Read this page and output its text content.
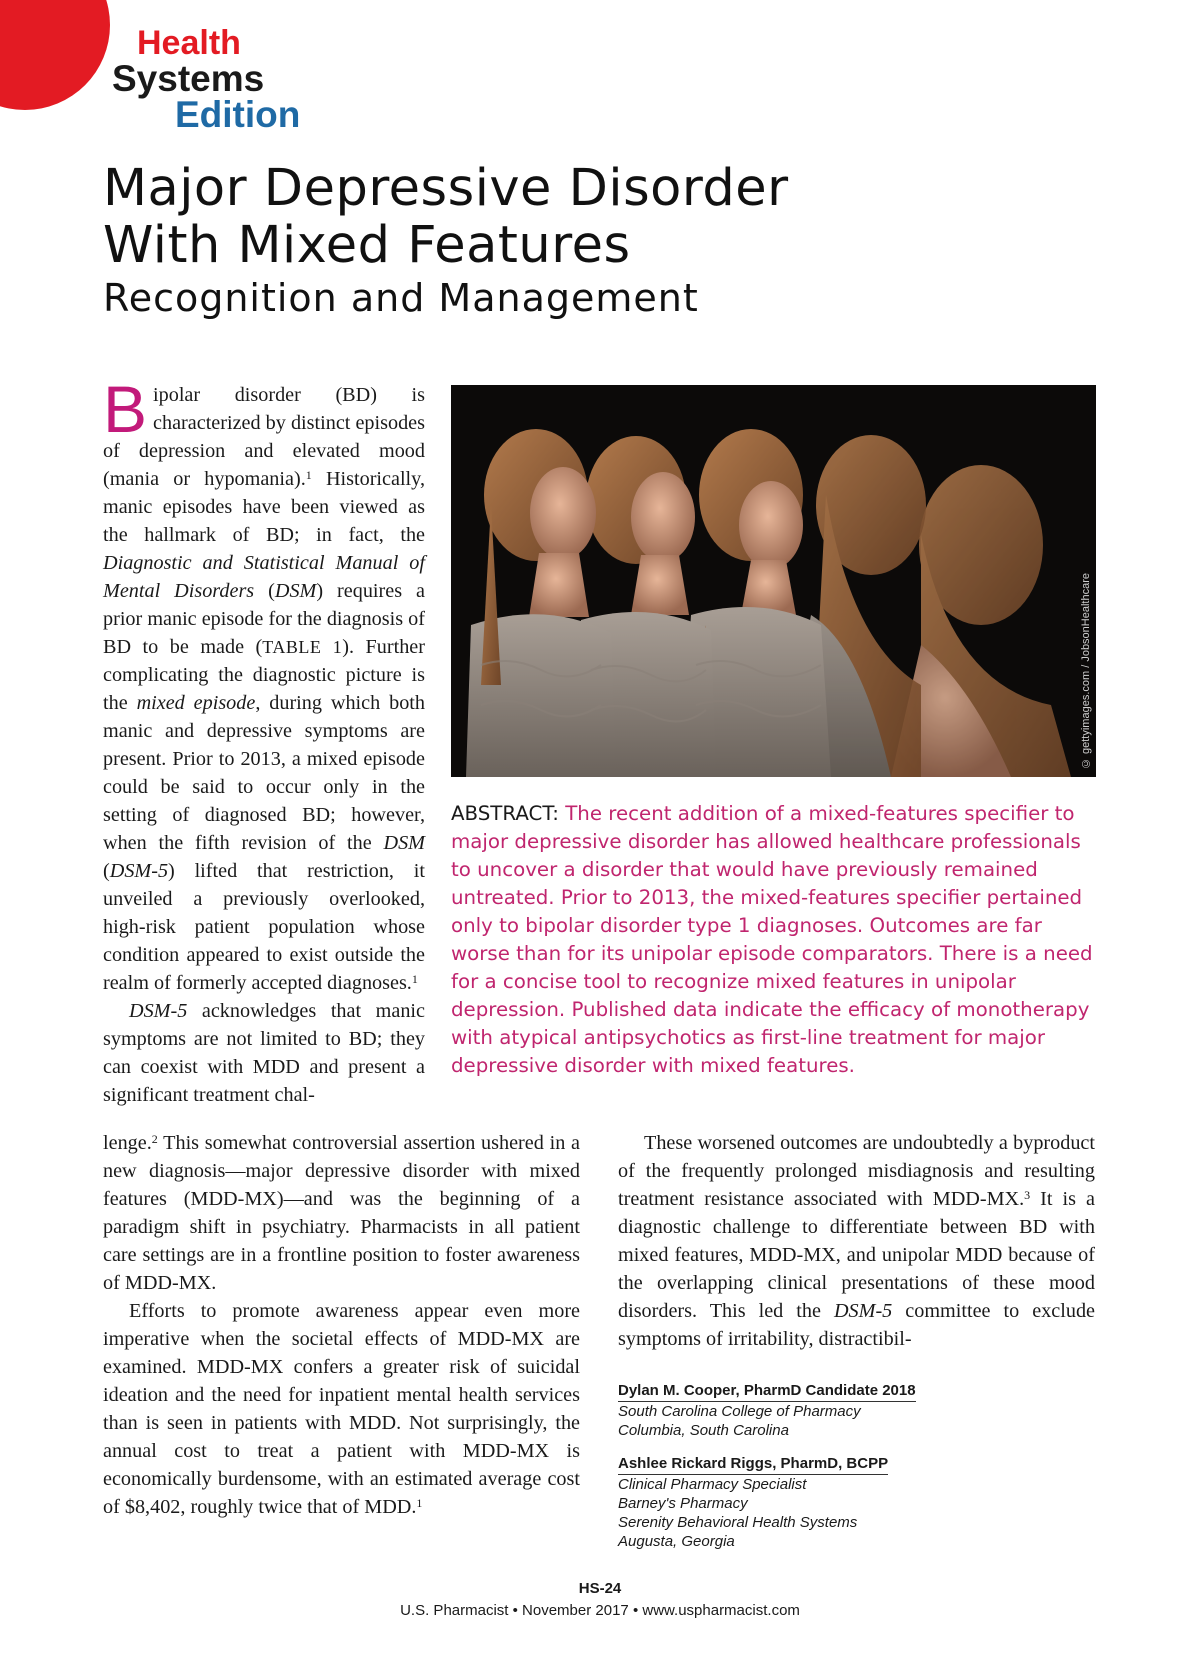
Health
Systems
Edition
Major Depressive Disorder
With Mixed Features
Recognition and Management

Bipolar disorder (BD) is characterized by distinct episodes of depression and elevated mood (mania or hypomania).$^1$ Historically, manic episodes have been viewed as the hallmark of BD; in fact, the Diagnostic and Statistical Manual of Mental Disorders (DSM) requires a prior manic episode for the diagnosis of BD to be made (TABLE 1). Further complicating the diagnostic picture is the mixed episode, during which both manic and depressive symptoms are present. Prior to 2013, a mixed episode could be said to occur only in the setting of diagnosed BD; however, when the fifth revision of the DSM (DSM-5) lifted that restriction, it unveiled a previously overlooked, high-risk patient population whose condition appeared to exist outside the realm of formerly accepted diagnoses.$^1$

DSM-5 acknowledges that manic symptoms are not limited to BD; they can coexist with MDD and present a significant treatment chal-

© gettyimages.com / JobsonHealthcare
ABSTRACT: The recent addition of a mixed-features specifier to major depressive disorder has allowed healthcare professionals to uncover a disorder that would have previously remained untreated. Prior to 2013, the mixed-features specifier pertained only to bipolar disorder type 1 diagnoses. Outcomes are far worse than for its unipolar episode comparators. There is a need for a concise tool to recognize mixed features in unipolar depression. Published data indicate the efficacy of monotherapy with atypical antipsychotics as first-line treatment for major depressive disorder with mixed features.

lenge.$^2$ This somewhat controversial assertion ushered in a new diagnosis—major depressive disorder with mixed features (MDD-MX)—and was the beginning of a paradigm shift in psychiatry. Pharmacists in all patient care settings are in a frontline position to foster awareness of MDD-MX.

Efforts to promote awareness appear even more imperative when the societal effects of MDD-MX are examined. MDD-MX confers a greater risk of suicidal ideation and the need for inpatient mental health services than is seen in patients with MDD. Not surprisingly, the annual cost to treat a patient with MDD-MX is economically burdensome, with an estimated average cost of $8,402, roughly twice that of MDD.$^1$

These worsened outcomes are undoubtedly a byproduct of the frequently prolonged misdiagnosis and resulting treatment resistance associated with MDD-MX.$^3$ It is a diagnostic challenge to differentiate between BD with mixed features, MDD-MX, and unipolar MDD because of the overlapping clinical presentations of these mood disorders. This led the DSM-5 committee to exclude symptoms of irritability, distractibil-

Dylan M. Cooper, PharmD Candidate 2018
South Carolina College of Pharmacy
Columbia, South Carolina
Ashlee Rickard Riggs, PharmD, BCPP
Clinical Pharmacy Specialist
Barney's Pharmacy
Serenity Behavioral Health Systems
Augusta, Georgia
HS-24
U.S. Pharmacist • November 2017 • www.uspharmacist.com
